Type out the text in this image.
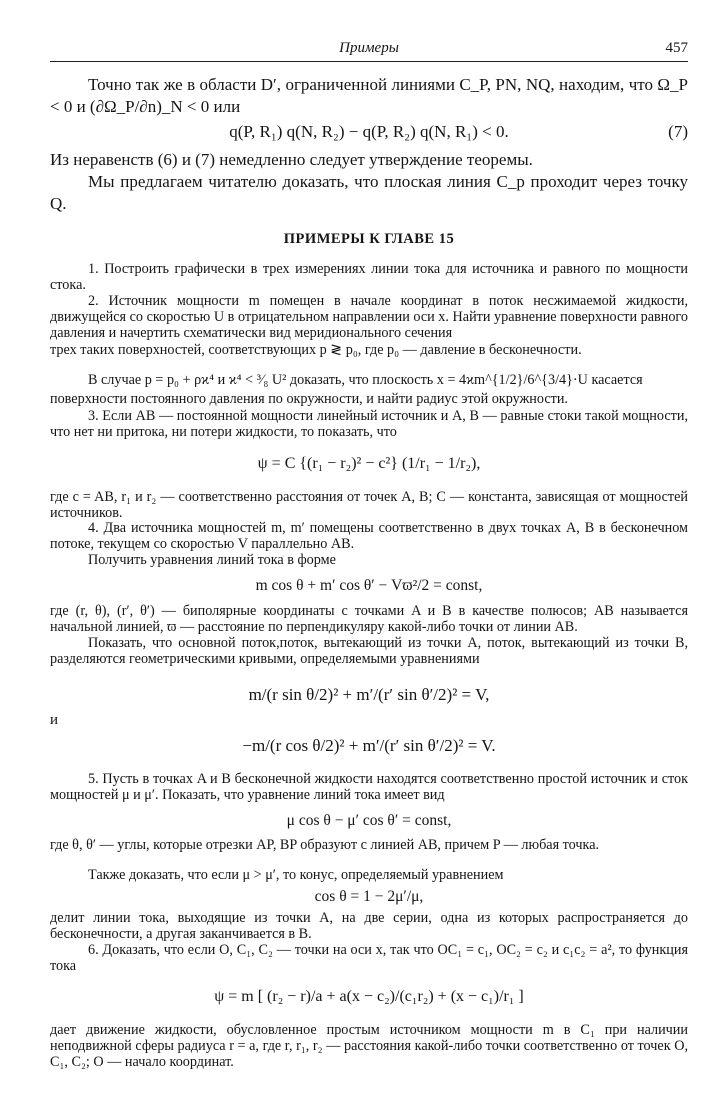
Примеры	457
Точно так же в области D′, ограниченной линиями C_P, PN, NQ, находим, что Ω_P < 0 и (∂Ω_P/∂n)_N < 0 или
q(P, R₁) q(N, R₂) − q(P, R₂) q(N, R₁) < 0.	(7)
Из неравенств (6) и (7) немедленно следует утверждение теоремы.
Мы предлагаем читателю доказать, что плоская линия C_p проходит через точку Q.
ПРИМЕРЫ К ГЛАВЕ 15
1. Построить графически в трех измерениях линии тока для источника и равного по мощности стока.
2. Источник мощности m помещен в начале координат в поток несжимаемой жидкости, движущейся со скоростью U в отрицательном направлении оси x. Найти уравнение поверхности равного давления и начертить схематически вид меридионального сечения
трех таких поверхностей, соответствующих p ≷ p₀, где p₀ — давление в бесконечности.
В случае p = p₀ + ρϰ⁴ и ϰ⁴ < ³⁄₈ U² доказать, что плоскость x = 4ϰm^{1/2}/6^{3/4}·U касается
поверхности постоянного давления по окружности, и найти радиус этой окружности.
3. Если AB — постоянной мощности линейный источник и A, B — равные стоки такой мощности, что нет ни притока, ни потери жидкости, то показать, что
ψ = C {(r₁ − r₂)² − c²} (1/r₁ − 1/r₂),
где c = AB, r₁ и r₂ — соответственно расстояния от точек A, B; C — константа, зависящая от мощностей источников.
4. Два источника мощностей m, m′ помещены соответственно в двух точках A, B в бесконечном потоке, текущем со скоростью V параллельно AB.
Получить уравнения линий тока в форме
m cos θ + m′ cos θ′ − Vϖ²/2 = const,
где (r, θ), (r′, θ′) — биполярные координаты с точками A и B в качестве полюсов; AB называется начальной линией, ϖ — расстояние по перпендикуляру какой-либо точки от линии AB.
Показать, что основной поток,поток, вытекающий из точки A, поток, вытекающий из точки B, разделяются геометрическими кривыми, определяемыми уравнениями
m/(r sin θ/2)² + m′/(r′ sin θ′/2)² = V,
и
−m/(r cos θ/2)² + m′/(r′ sin θ′/2)² = V.
5. Пусть в точках A и B бесконечной жидкости находятся соответственно простой источник и сток мощностей μ и μ′. Показать, что уравнение линий тока имеет вид
μ cos θ − μ′ cos θ′ = const,
где θ, θ′ — углы, которые отрезки AP, BP образуют с линией AB, причем P — любая точка.
Также доказать, что если μ > μ′, то конус, определяемый уравнением
cos θ = 1 − 2μ′/μ,
делит линии тока, выходящие из точки A, на две серии, одна из которых распространяется до бесконечности, а другая заканчивается в B.
6. Доказать, что если O, C₁, C₂ — точки на оси x, так что OC₁ = c₁, OC₂ = c₂ и c₁c₂ = a², то функция тока
ψ = m [ (r₂ − r)/a + a(x − c₂)/(c₁r₂) + (x − c₁)/r₁ ]
дает движение жидкости, обусловленное простым источником мощности m в C₁ при наличии неподвижной сферы радиуса r = a, где r, r₁, r₂ — расстояния какой-либо точки соответственно от точек O, C₁, C₂; O — начало координат.
